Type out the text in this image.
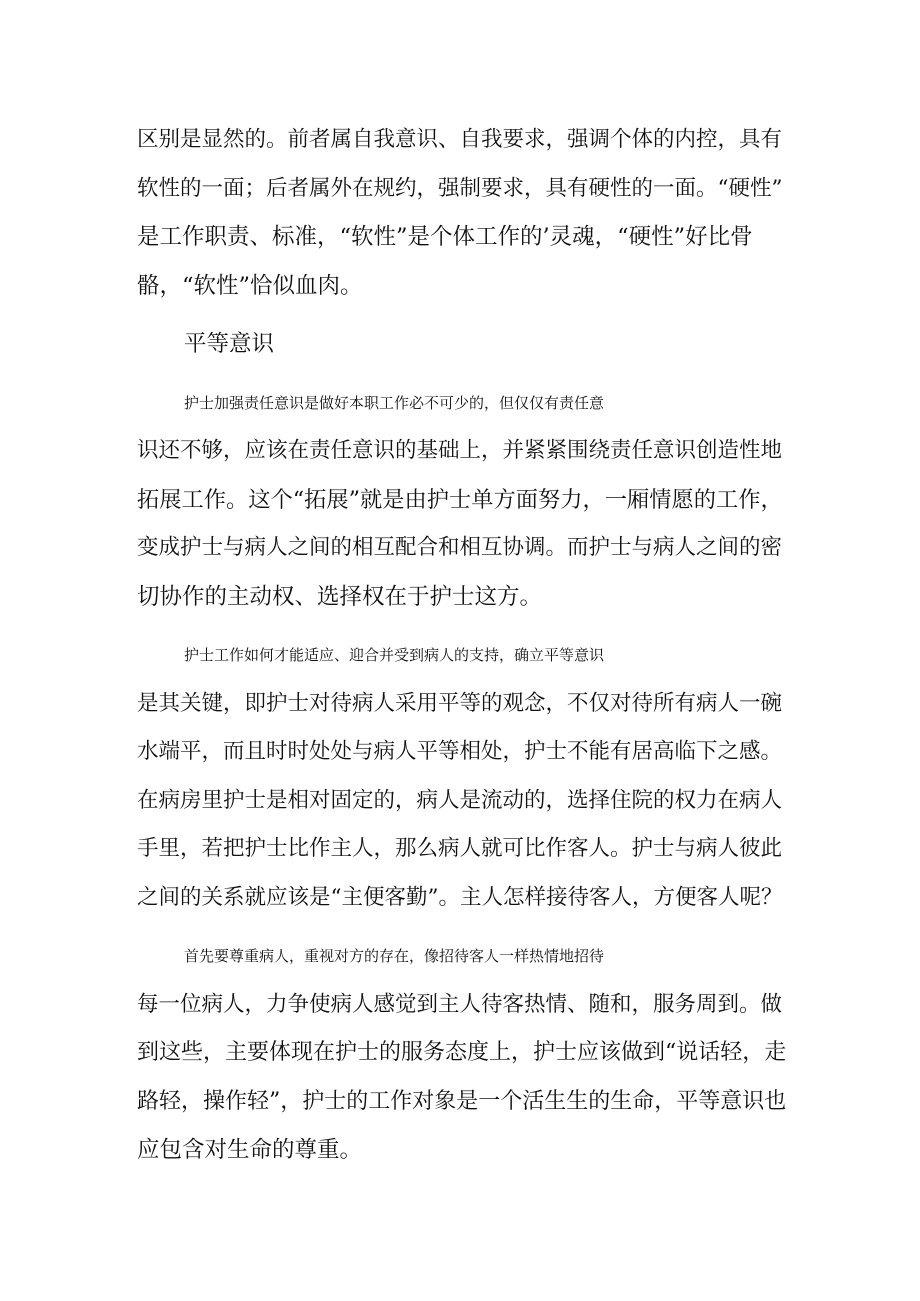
区别是显然的。前者属自我意识、自我要求，强调个体的内控，具有
软性的一面；后者属外在规约，强制要求，具有硬性的一面。“硬性”
是工作职责、标准，“软性”是个体工作的’灵魂，“硬性”好比骨
骼，“软性”恰似血肉。

平等意识

护士加强责任意识是做好本职工作必不可少的，但仅仅有责任意
识还不够，应该在责任意识的基础上，并紧紧围绕责任意识创造性地
拓展工作。这个“拓展”就是由护士单方面努力，一厢情愿的工作，
变成护士与病人之间的相互配合和相互协调。而护士与病人之间的密
切协作的主动权、选择权在于护士这方。

护士工作如何才能适应、迎合并受到病人的支持，确立平等意识
是其关键，即护士对待病人采用平等的观念，不仅对待所有病人一碗
水端平，而且时时处处与病人平等相处，护士不能有居高临下之感。
在病房里护士是相对固定的，病人是流动的，选择住院的权力在病人
手里，若把护士比作主人，那么病人就可比作客人。护士与病人彼此
之间的关系就应该是“主便客勤”。主人怎样接待客人，方便客人呢？

首先要尊重病人，重视对方的存在，像招待客人一样热情地招待
每一位病人，力争使病人感觉到主人待客热情、随和，服务周到。做
到这些，主要体现在护士的服务态度上，护士应该做到“说话轻，走
路轻，操作轻”，护士的工作对象是一个活生生的生命，平等意识也
应包含对生命的尊重。
